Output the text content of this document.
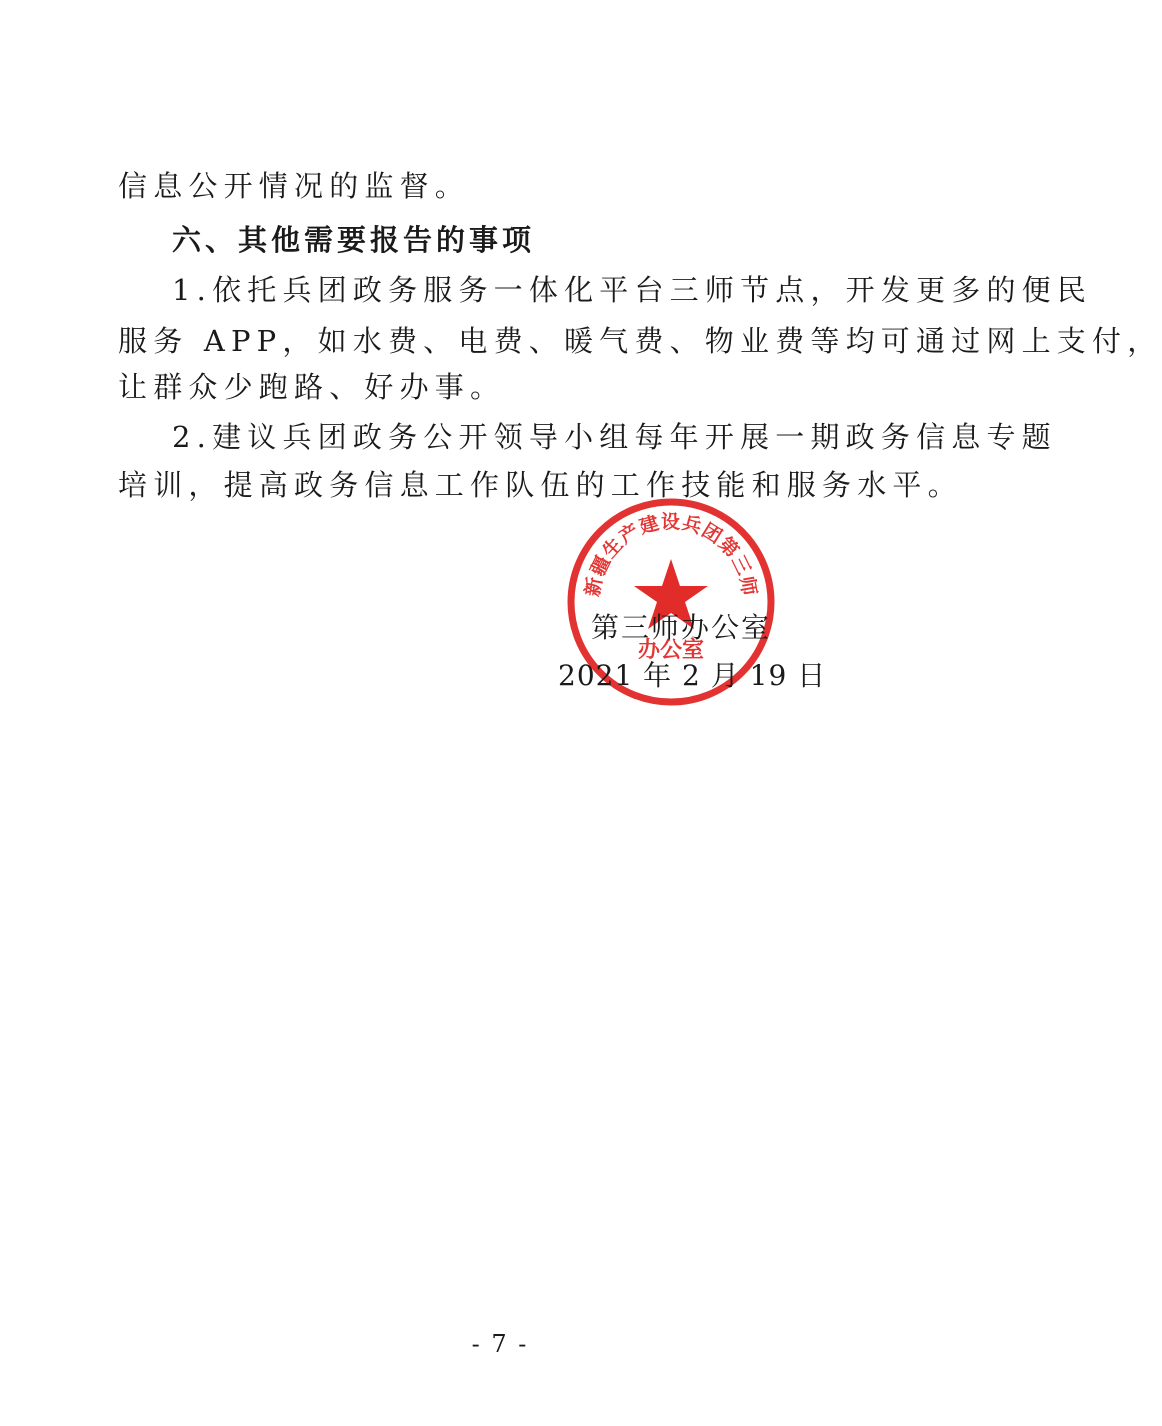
信息公开情况的监督。
六、其他需要报告的事项
1.依托兵团政务服务一体化平台三师节点，开发更多的便民
服务 APP，如水费、电费、暖气费、物业费等均可通过网上支付，
让群众少跑路、好办事。
2.建议兵团政务公开领导小组每年开展一期政务信息专题
培训，提高政务信息工作队伍的工作技能和服务水平。
新疆生产建设兵团第三师
办公室
第三师办公室
2021 年 2 月 19 日
- 7 -
